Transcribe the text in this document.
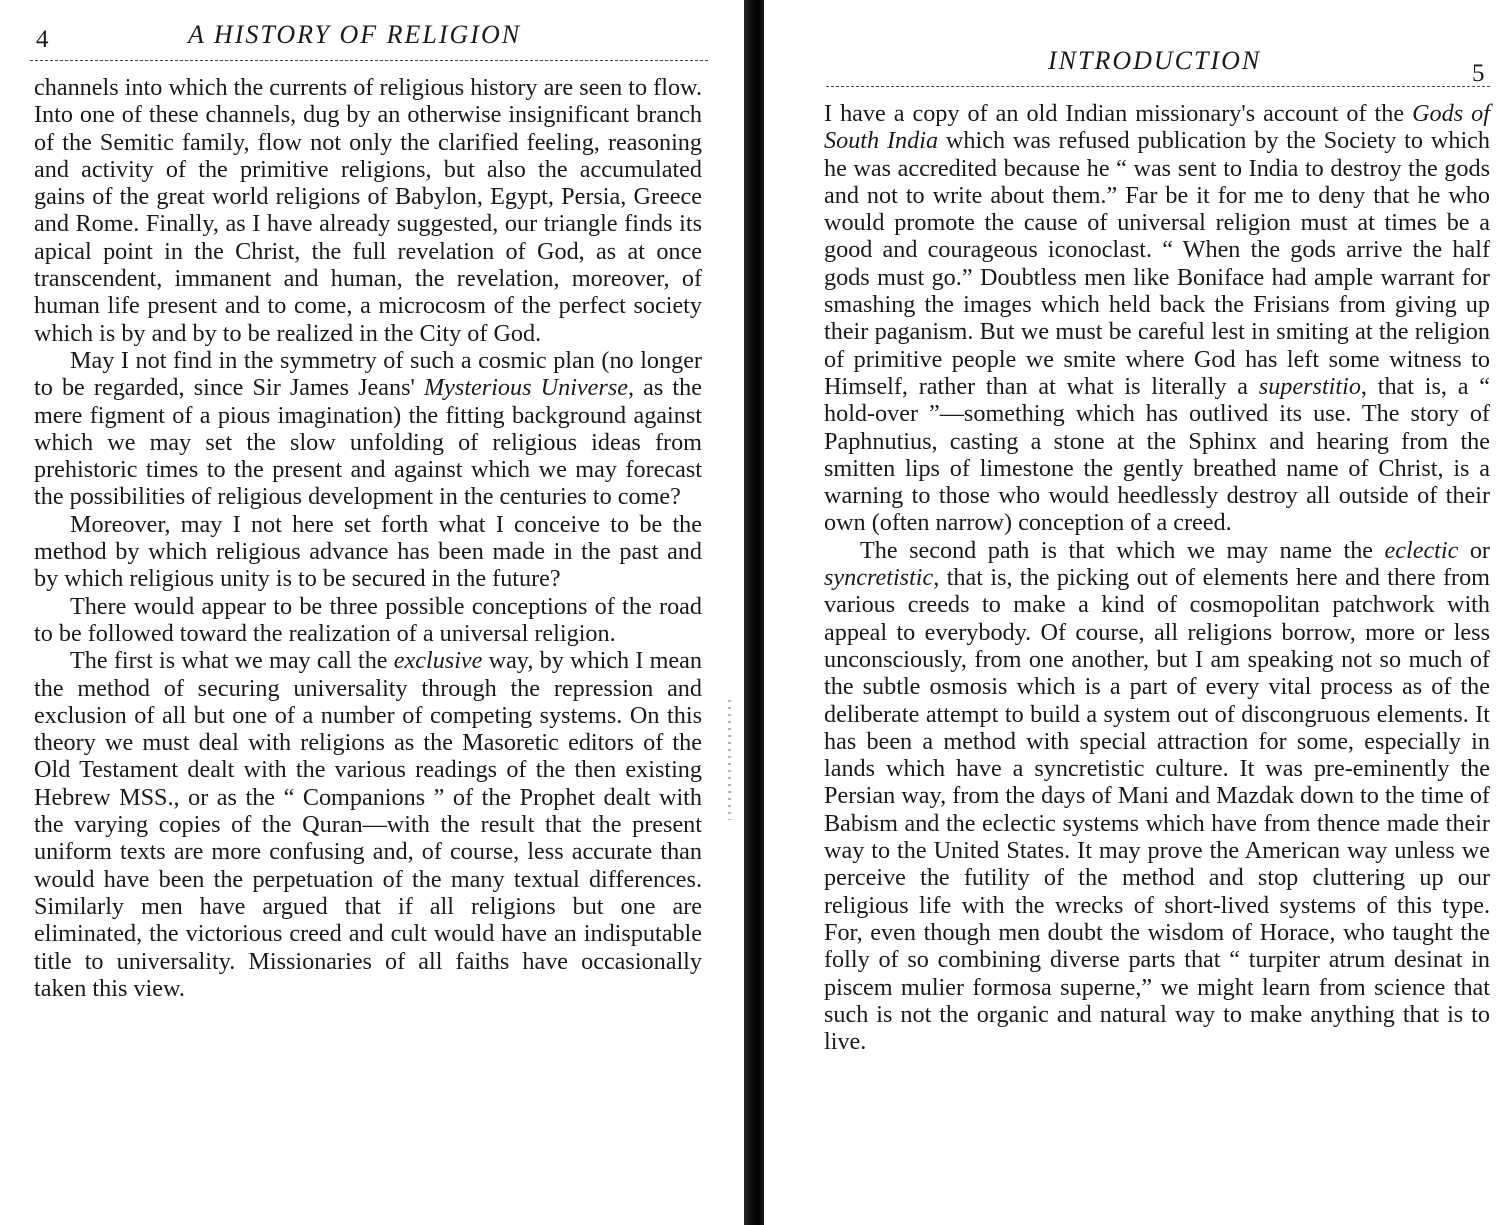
4	A HISTORY OF RELIGION

channels into which the currents of religious history are seen to flow. Into one of these channels, dug by an otherwise insignificant branch of the Semitic family, flow not only the clarified feeling, reasoning and activity of the primitive religions, but also the accumulated gains of the great world religions of Babylon, Egypt, Persia, Greece and Rome. Finally, as I have already suggested, our triangle finds its apical point in the Christ, the full revelation of God, as at once transcendent, immanent and human, the revelation, moreover, of human life present and to come, a microcosm of the perfect society which is by and by to be realized in the City of God.

May I not find in the symmetry of such a cosmic plan (no longer to be regarded, since Sir James Jeans' Mysterious Universe, as the mere figment of a pious imagination) the fitting background against which we may set the slow unfolding of religious ideas from prehistoric times to the present and against which we may forecast the possibilities of religious development in the centuries to come?

Moreover, may I not here set forth what I conceive to be the method by which religious advance has been made in the past and by which religious unity is to be secured in the future?

There would appear to be three possible conceptions of the road to be followed toward the realization of a universal religion.

The first is what we may call the exclusive way, by which I mean the method of securing universality through the repression and exclusion of all but one of a number of competing systems. On this theory we must deal with religions as the Masoretic editors of the Old Testament dealt with the various readings of the then existing Hebrew MSS., or as the “ Companions ” of the Prophet dealt with the varying copies of the Quran—with the result that the present uniform texts are more confusing and, of course, less accurate than would have been the perpetuation of the many textual differences. Similarly men have argued that if all religions but one are eliminated, the victorious creed and cult would have an indisputable title to universality. Missionaries of all faiths have occasionally taken this view.

INTRODUCTION	5

I have a copy of an old Indian missionary's account of the Gods of South India which was refused publication by the Society to which he was accredited because he “ was sent to India to destroy the gods and not to write about them.” Far be it for me to deny that he who would promote the cause of universal religion must at times be a good and courageous iconoclast. “ When the gods arrive the half gods must go.” Doubtless men like Boniface had ample warrant for smashing the images which held back the Frisians from giving up their paganism. But we must be careful lest in smiting at the religion of primitive people we smite where God has left some witness to Himself, rather than at what is literally a superstitio, that is, a “ hold-over ”—something which has outlived its use. The story of Paphnutius, casting a stone at the Sphinx and hearing from the smitten lips of limestone the gently breathed name of Christ, is a warning to those who would heedlessly destroy all outside of their own (often narrow) conception of a creed.

The second path is that which we may name the eclectic or syncretistic, that is, the picking out of elements here and there from various creeds to make a kind of cosmopolitan patchwork with appeal to everybody. Of course, all religions borrow, more or less unconsciously, from one another, but I am speaking not so much of the subtle osmosis which is a part of every vital process as of the deliberate attempt to build a system out of discongruous elements. It has been a method with special attraction for some, especially in lands which have a syncretistic culture. It was pre-eminently the Persian way, from the days of Mani and Mazdak down to the time of Babism and the eclectic systems which have from thence made their way to the United States. It may prove the American way unless we perceive the futility of the method and stop cluttering up our religious life with the wrecks of short-lived systems of this type. For, even though men doubt the wisdom of Horace, who taught the folly of so combining diverse parts that “ turpiter atrum desinat in piscem mulier formosa superne,” we might learn from science that such is not the organic and natural way to make anything that is to live.
